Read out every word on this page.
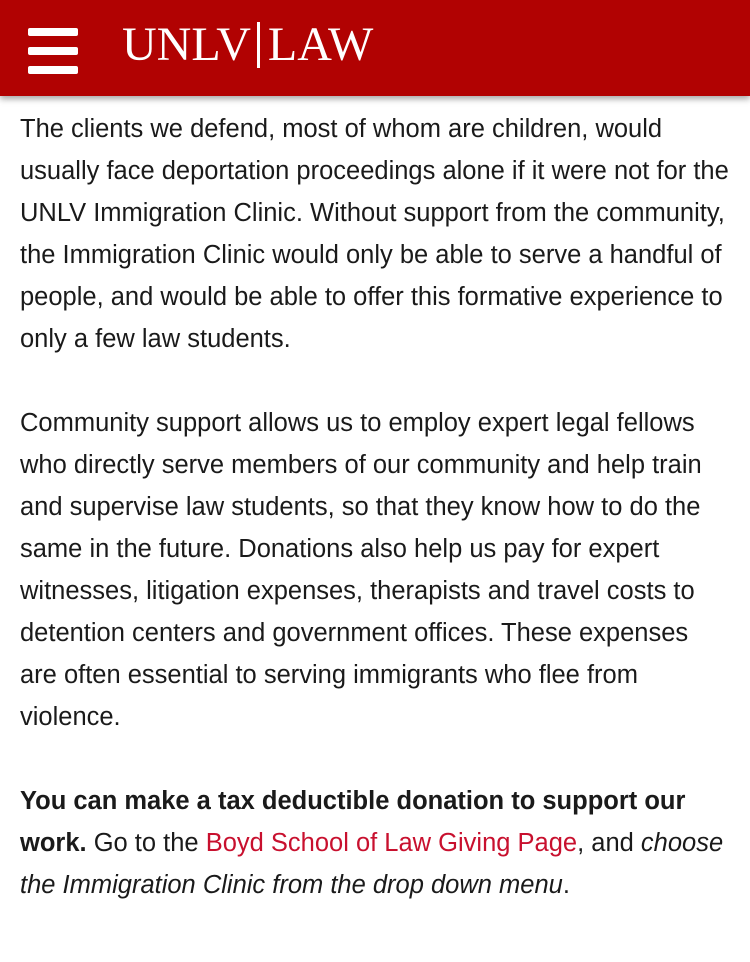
UNLV LAW

The clients we defend, most of whom are children, would usually face deportation proceedings alone if it were not for the UNLV Immigration Clinic. Without support from the community, the Immigration Clinic would only be able to serve a handful of people, and would be able to offer this formative experience to only a few law students.

Community support allows us to employ expert legal fellows who directly serve members of our community and help train and supervise law students, so that they know how to do the same in the future. Donations also help us pay for expert witnesses, litigation expenses, therapists and travel costs to detention centers and government offices. These expenses are often essential to serving immigrants who flee from violence.

You can make a tax deductible donation to support our work. Go to the Boyd School of Law Giving Page, and choose the Immigration Clinic from the drop down menu.
